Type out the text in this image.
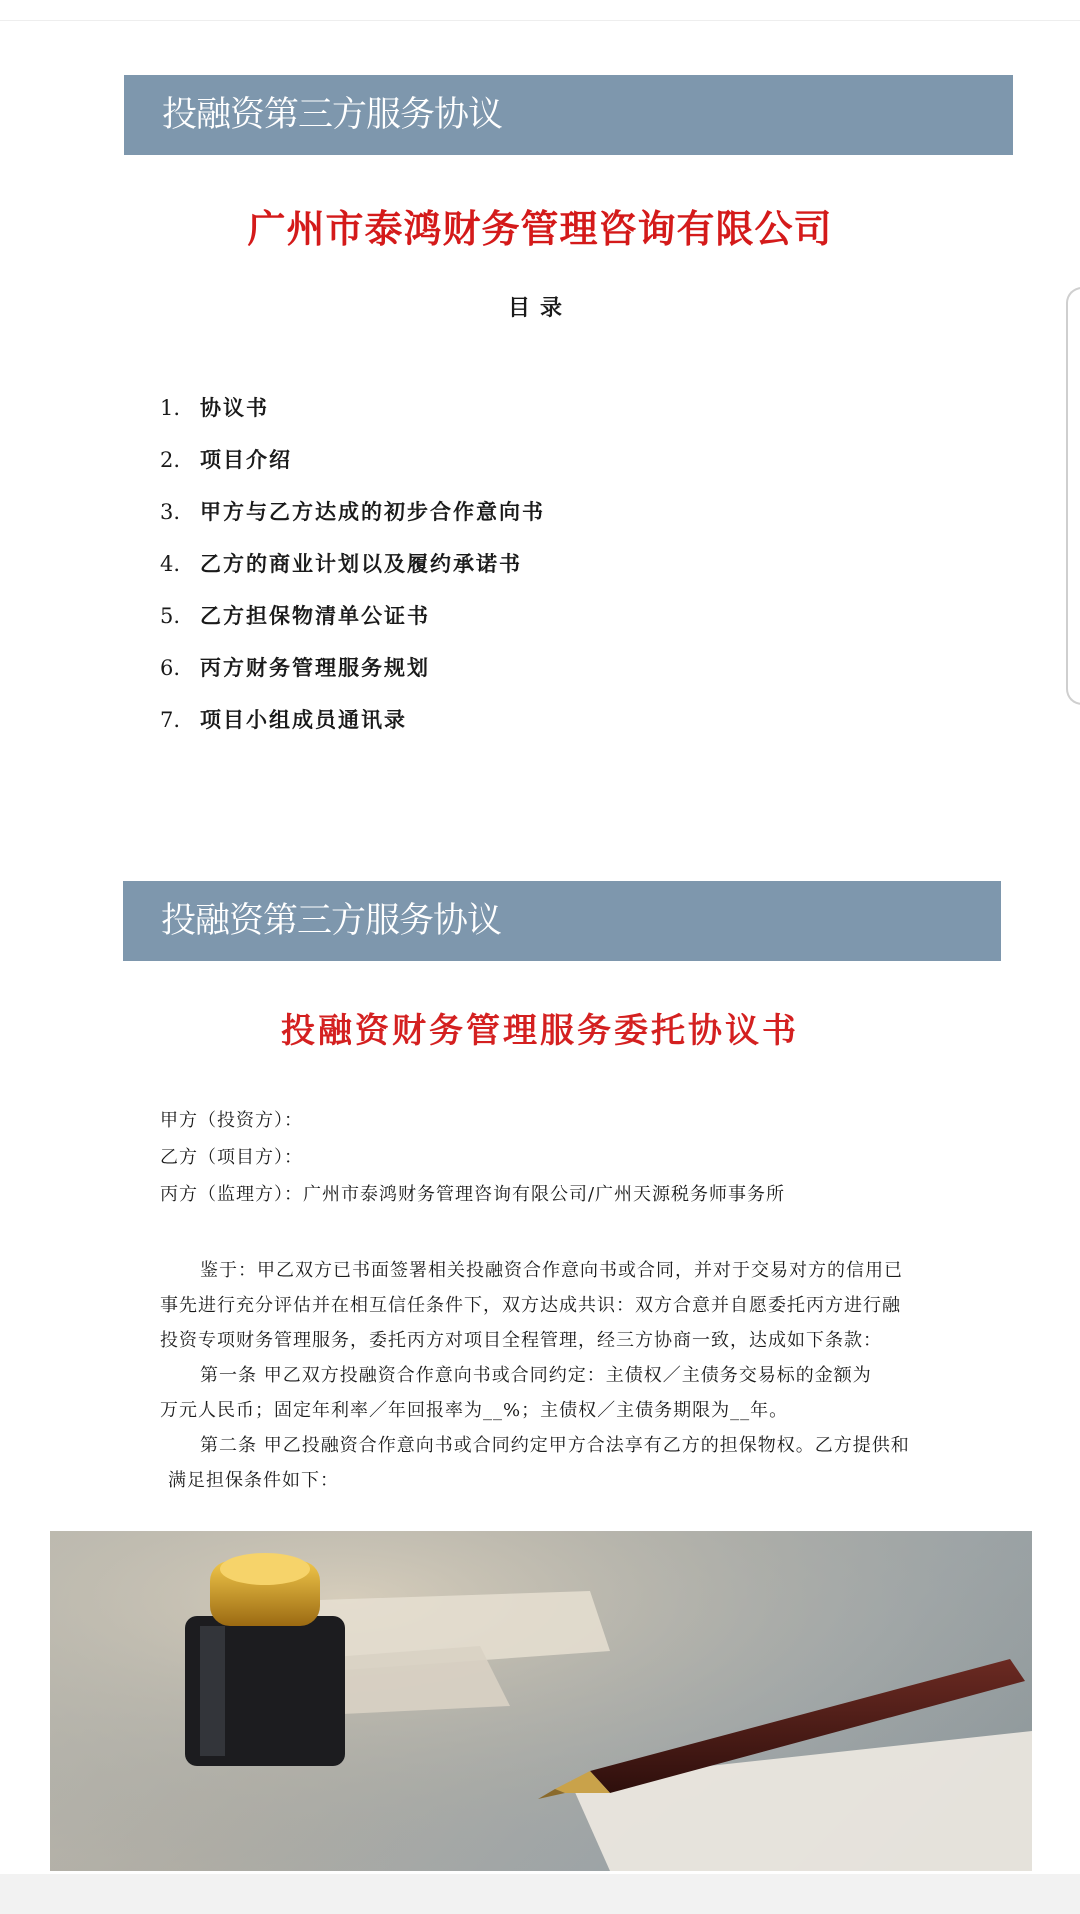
投融资第三方服务协议
广州市泰鸿财务管理咨询有限公司
目录
1. 协议书
2. 项目介绍
3. 甲方与乙方达成的初步合作意向书
4. 乙方的商业计划以及履约承诺书
5. 乙方担保物清单公证书
6. 丙方财务管理服务规划
7. 项目小组成员通讯录
投融资第三方服务协议
投融资财务管理服务委托协议书
甲方（投资方）：
乙方（项目方）：
丙方（监理方）：广州市泰鸿财务管理咨询有限公司/广州天源税务师事务所
鉴于：甲乙双方已书面签署相关投融资合作意向书或合同，并对于交易对方的信用已
事先进行充分评估并在相互信任条件下，双方达成共识：双方合意并自愿委托丙方进行融
投资专项财务管理服务，委托丙方对项目全程管理，经三方协商一致，达成如下条款：
第一条 甲乙双方投融资合作意向书或合同约定：主债权／主债务交易标的金额为
万元人民币；固定年利率／年回报率为__%；主债权／主债务期限为__年。
第二条 甲乙投融资合作意向书或合同约定甲方合法享有乙方的担保物权。乙方提供和
满足担保条件如下：
